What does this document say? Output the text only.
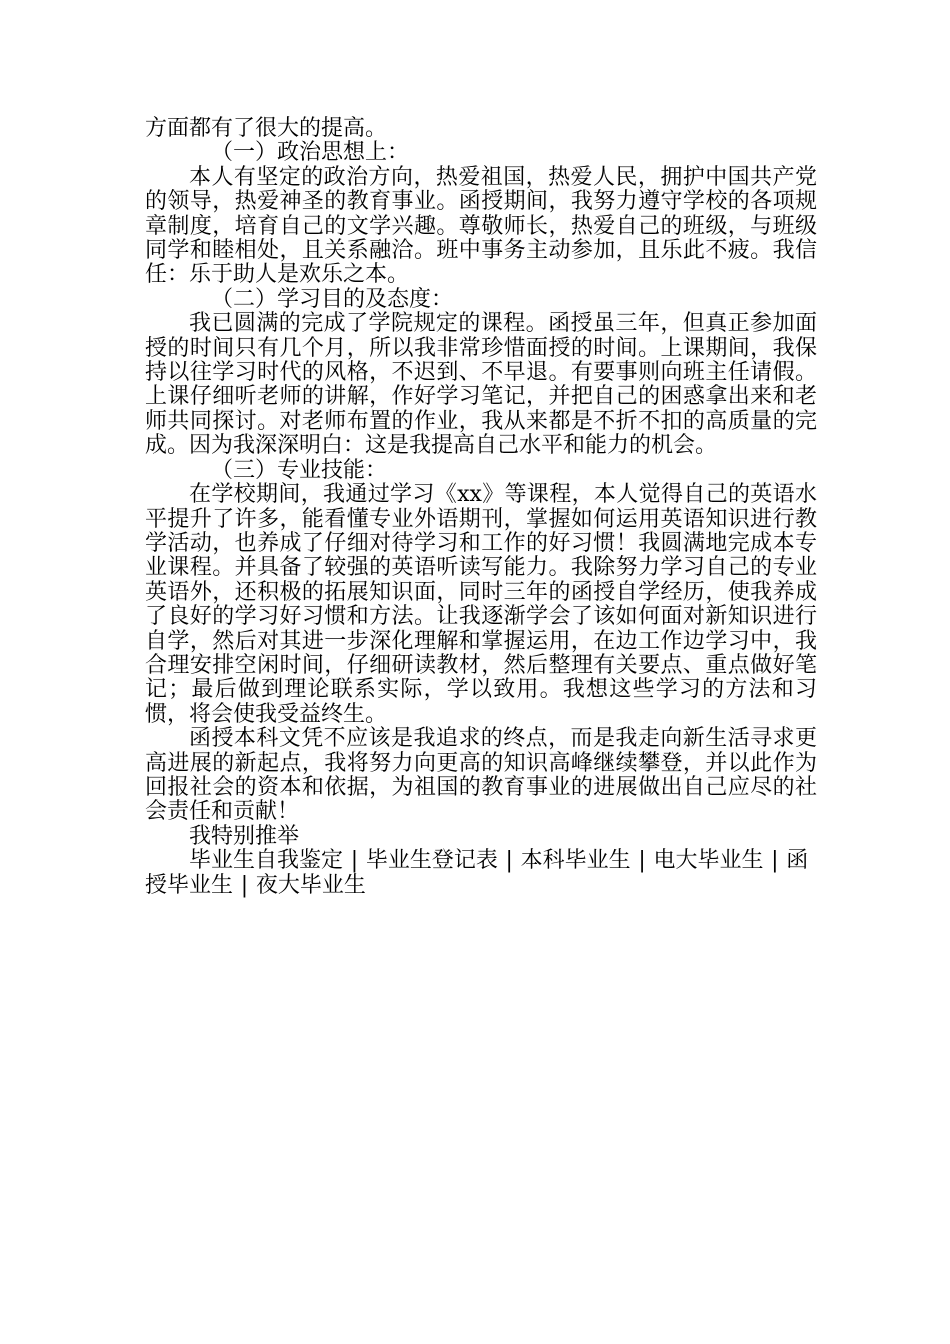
方面都有了很大的提高。

（一）政治思想上：

本人有坚定的政治方向，热爱祖国，热爱人民，拥护中国共产党的领导，热爱神圣的教育事业。函授期间，我努力遵守学校的各项规章制度，培育自己的文学兴趣。尊敬师长，热爱自己的班级，与班级同学和睦相处，且关系融洽。班中事务主动参加，且乐此不疲。我信任：乐于助人是欢乐之本。

（二）学习目的及态度：

我已圆满的完成了学院规定的课程。函授虽三年，但真正参加面授的时间只有几个月，所以我非常珍惜面授的时间。上课期间，我保持以往学习时代的风格，不迟到、不早退。有要事则向班主任请假。上课仔细听老师的讲解，作好学习笔记，并把自己的困惑拿出来和老师共同探讨。对老师布置的作业，我从来都是不折不扣的高质量的完成。因为我深深明白：这是我提高自己水平和能力的机会。

（三）专业技能：

在学校期间，我通过学习《xx》等课程，本人觉得自己的英语水平提升了许多，能看懂专业外语期刊，掌握如何运用英语知识进行教学活动，也养成了仔细对待学习和工作的好习惯！我圆满地完成本专业课程。并具备了较强的英语听读写能力。我除努力学习自己的专业英语外，还积极的拓展知识面，同时三年的函授自学经历，使我养成了良好的学习好习惯和方法。让我逐渐学会了该如何面对新知识进行自学，然后对其进一步深化理解和掌握运用，在边工作边学习中，我合理安排空闲时间，仔细研读教材，然后整理有关要点、重点做好笔记；最后做到理论联系实际，学以致用。我想这些学习的方法和习惯，将会使我受益终生。

函授本科文凭不应该是我追求的终点，而是我走向新生活寻求更高进展的新起点，我将努力向更高的知识高峰继续攀登，并以此作为回报社会的资本和依据，为祖国的教育事业的进展做出自己应尽的社会责任和贡献！

我特别推举

毕业生自我鉴定 | 毕业生登记表 | 本科毕业生 | 电大毕业生 | 函授毕业生 | 夜大毕业生
